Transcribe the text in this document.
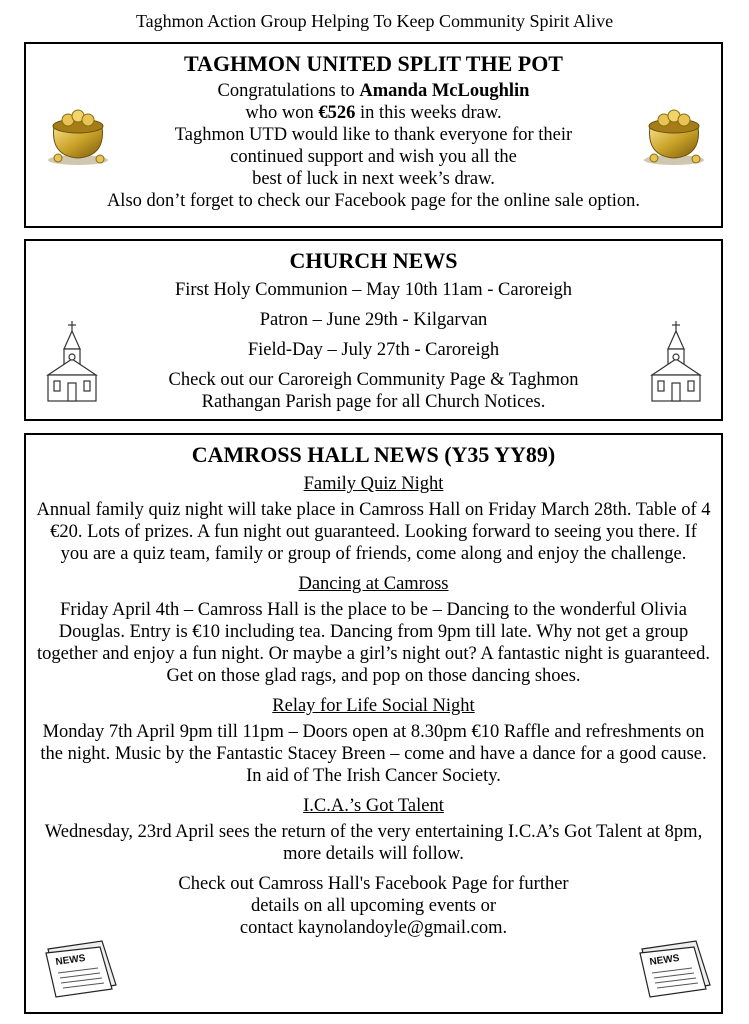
Taghmon Action Group Helping To Keep Community Spirit Alive
TAGHMON UNITED SPLIT THE POT
Congratulations to Amanda McLoughlin
who won €526 in this weeks draw.
Taghmon UTD would like to thank everyone for their
continued support and wish you all the
best of luck in next week’s draw.
Also don’t forget to check our Facebook page for the online sale option.
CHURCH NEWS
First Holy Communion – May 10th 11am - Caroreigh
Patron – June 29th - Kilgarvan
Field-Day – July 27th - Caroreigh
Check out our Caroreigh Community Page & Taghmon
Rathangan Parish page for all Church Notices.
CAMROSS HALL NEWS (Y35 YY89)
Family Quiz Night
Annual family quiz night will take place in Camross Hall on Friday March 28th. Table of 4 €20. Lots of prizes. A fun night out guaranteed. Looking forward to seeing you there. If you are a quiz team, family or group of friends, come along and enjoy the challenge.
Dancing at Camross
Friday April 4th – Camross Hall is the place to be – Dancing to the wonderful Olivia Douglas. Entry is €10 including tea. Dancing from 9pm till late. Why not get a group together and enjoy a fun night. Or maybe a girl’s night out? A fantastic night is guaranteed. Get on those glad rags, and pop on those dancing shoes.
Relay for Life Social Night
Monday 7th April 9pm till 11pm – Doors open at 8.30pm €10 Raffle and refreshments on the night. Music by the Fantastic Stacey Breen – come and have a dance for a good cause. In aid of The Irish Cancer Society.
I.C.A.’s Got Talent
Wednesday, 23rd April sees the return of the very entertaining I.C.A’s Got Talent at 8pm, more details will follow.
Check out Camross Hall's Facebook Page for further
details on all upcoming events or
contact kaynolandoyle@gmail.com.
NEWS	NEWS
